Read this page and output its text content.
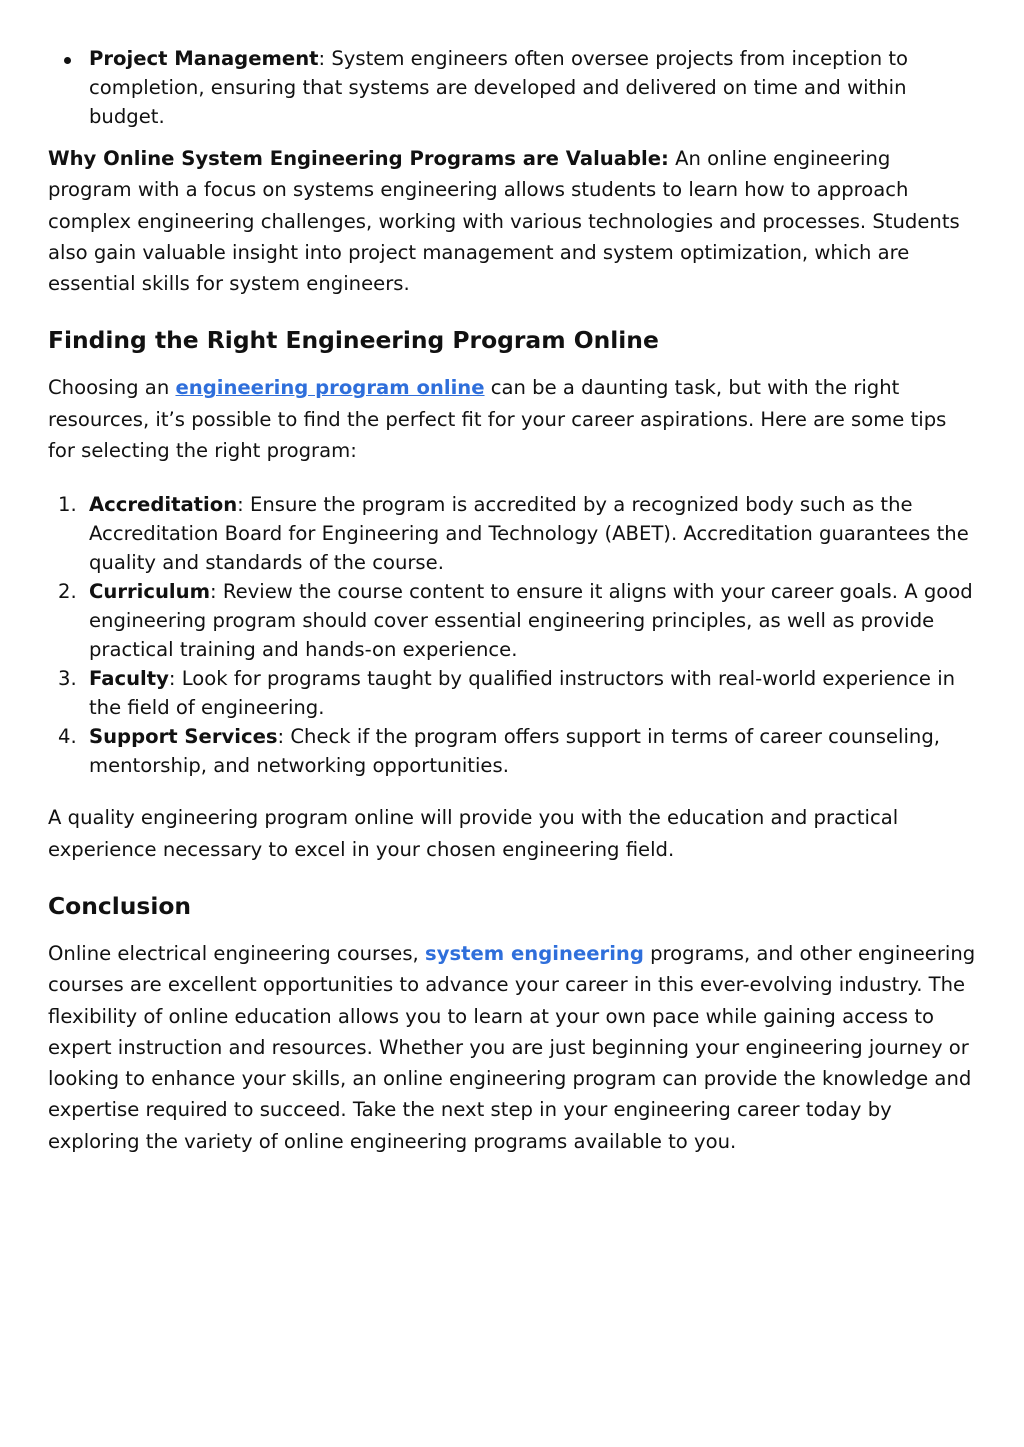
Project Management: System engineers often oversee projects from inception to completion, ensuring that systems are developed and delivered on time and within budget.

Why Online System Engineering Programs are Valuable: An online engineering program with a focus on systems engineering allows students to learn how to approach complex engineering challenges, working with various technologies and processes. Students also gain valuable insight into project management and system optimization, which are essential skills for system engineers.

Finding the Right Engineering Program Online

Choosing an engineering program online can be a daunting task, but with the right resources, it’s possible to find the perfect fit for your career aspirations. Here are some tips for selecting the right program:

1. Accreditation: Ensure the program is accredited by a recognized body such as the Accreditation Board for Engineering and Technology (ABET). Accreditation guarantees the quality and standards of the course.
2. Curriculum: Review the course content to ensure it aligns with your career goals. A good engineering program should cover essential engineering principles, as well as provide practical training and hands-on experience.
3. Faculty: Look for programs taught by qualified instructors with real-world experience in the field of engineering.
4. Support Services: Check if the program offers support in terms of career counseling, mentorship, and networking opportunities.

A quality engineering program online will provide you with the education and practical experience necessary to excel in your chosen engineering field.

Conclusion

Online electrical engineering courses, system engineering programs, and other engineering courses are excellent opportunities to advance your career in this ever-evolving industry. The flexibility of online education allows you to learn at your own pace while gaining access to expert instruction and resources. Whether you are just beginning your engineering journey or looking to enhance your skills, an online engineering program can provide the knowledge and expertise required to succeed. Take the next step in your engineering career today by exploring the variety of online engineering programs available to you.
